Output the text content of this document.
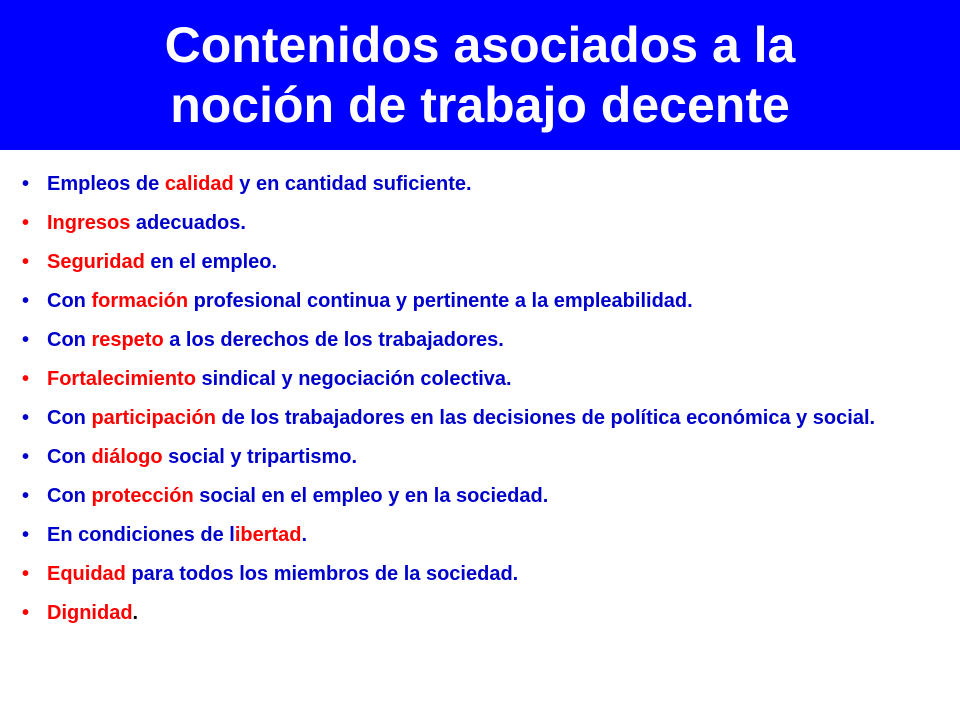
Contenidos asociados a la
noción de trabajo decente
• Empleos de calidad y en cantidad suficiente.
• Ingresos adecuados.
• Seguridad en el empleo.
• Con formación profesional continua y pertinente a la empleabilidad.
• Con respeto a los derechos de los trabajadores.
• Fortalecimiento sindical y negociación colectiva.
• Con participación de los trabajadores en las decisiones de política económica y social.
• Con diálogo social y tripartismo.
• Con protección social en el empleo y en la sociedad.
• En condiciones de libertad.
• Equidad para todos los miembros de la sociedad.
• Dignidad.
